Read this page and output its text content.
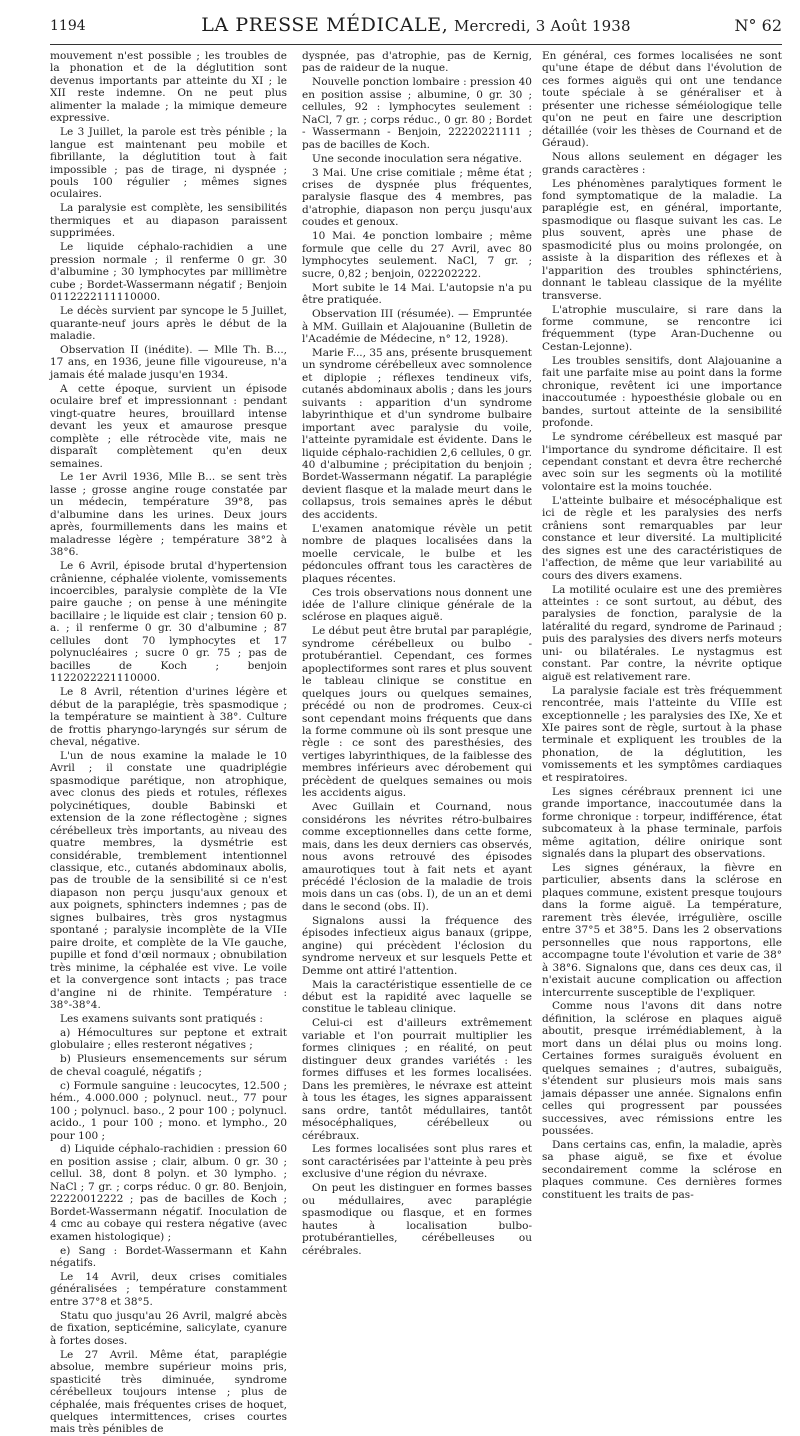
1194	LA PRESSE MÉDICALE, Mercredi, 3 Août 1938	N° 62

mouvement n'est possible ; les troubles de la phonation et de la déglutition sont devenus importants par atteinte du XI ; le XII reste indemne. On ne peut plus alimenter la malade ; la mimique demeure expressive.

Le 3 Juillet, la parole est très pénible ; la langue est maintenant peu mobile et fibrillante, la déglutition tout à fait impossible ; pas de tirage, ni dyspnée ; pouls 100 régulier ; mêmes signes oculaires.

La paralysie est complète, les sensibilités thermiques et au diapason paraissent supprimées.

Le liquide céphalo-rachidien a une pression normale ; il renferme 0 gr. 30 d'albumine ; 30 lymphocytes par millimètre cube ; Bordet-Wassermann négatif ; Benjoin 0112222111110000.

Le décès survient par syncope le 5 Juillet, quarante-neuf jours après le début de la maladie.

Observation II (inédite). — Mlle Th. B..., 17 ans, en 1936, jeune fille vigoureuse, n'a jamais été malade jusqu'en 1934.

A cette époque, survient un épisode oculaire bref et impressionnant : pendant vingt-quatre heures, brouillard intense devant les yeux et amaurose presque complète ; elle rétrocède vite, mais ne disparaît complètement qu'en deux semaines.

Le 1er Avril 1936, Mlle B... se sent très lasse ; grosse angine rouge constatée par un médecin, température 39°8, pas d'albumine dans les urines. Deux jours après, fourmillements dans les mains et maladresse légère ; température 38°2 à 38°6.

Le 6 Avril, épisode brutal d'hypertension crânienne, céphalée violente, vomissements incoercibles, paralysie complète de la VIe paire gauche ; on pense à une méningite bacillaire ; le liquide est clair ; tension 60 p. a. ; il renferme 0 gr. 30 d'albumine ; 87 cellules dont 70 lymphocytes et 17 polynucléaires ; sucre 0 gr. 75 ; pas de bacilles de Koch ; benjoin 1122022221110000.

Le 8 Avril, rétention d'urines légère et début de la paraplégie, très spasmodique ; la température se maintient à 38°. Culture de frottis pharyngo-laryngés sur sérum de cheval, négative.

L'un de nous examine la malade le 10 Avril ; il constate une quadriplégie spasmodique parétique, non atrophique, avec clonus des pieds et rotules, réflexes polycinétiques, double Babinski et extension de la zone réflectogène ; signes cérébelleux très importants, au niveau des quatre membres, la dysmétrie est considérable, tremblement intentionnel classique, etc., cutanés abdominaux abolis, pas de trouble de la sensibilité si ce n'est diapason non perçu jusqu'aux genoux et aux poignets, sphincters indemnes ; pas de signes bulbaires, très gros nystagmus spontané ; paralysie incomplète de la VIIe paire droite, et complète de la VIe gauche, pupille et fond d'œil normaux ; obnubilation très minime, la céphalée est vive. Le voile et la convergence sont intacts ; pas trace d'angine ni de rhinite. Température : 38°-38°4.

Les examens suivants sont pratiqués :

a) Hémocultures sur peptone et extrait globulaire ; elles resteront négatives ;

b) Plusieurs ensemencements sur sérum de cheval coagulé, négatifs ;

c) Formule sanguine : leucocytes, 12.500 ; hém., 4.000.000 ; polynucl. neut., 77 pour 100 ; polynucl. baso., 2 pour 100 ; polynucl. acido., 1 pour 100 ; mono. et lympho., 20 pour 100 ;

d) Liquide céphalo-rachidien : pression 60 en position assise ; clair, album. 0 gr. 30 ; cellul. 38, dont 8 polyn. et 30 lympho. ; NaCl ; 7 gr. ; corps réduc. 0 gr. 80. Benjoin, 22220012222 ; pas de bacilles de Koch ; Bordet-Wassermann négatif. Inoculation de 4 cmc au cobaye qui restera négative (avec examen histologique) ;

e) Sang : Bordet-Wassermann et Kahn négatifs.

Le 14 Avril, deux crises comitiales généralisées ; température constamment entre 37°8 et 38°5.

Statu quo jusqu'au 26 Avril, malgré abcès de fixation, septicémine, salicylate, cyanure à fortes doses.

Le 27 Avril. Même état, paraplégie absolue, membre supérieur moins pris, spasticité très diminuée, syndrome cérébelleux toujours intense ; plus de céphalée, mais fréquentes crises de hoquet, quelques intermittences, crises courtes mais très pénibles de

dyspnée, pas d'atrophie, pas de Kernig, pas de raideur de la nuque.

Nouvelle ponction lombaire : pression 40 en position assise ; albumine, 0 gr. 30 ; cellules, 92 : lymphocytes seulement : NaCl, 7 gr. ; corps réduc., 0 gr. 80 ; Bordet - Wassermann - Benjoin, 22220221111 ; pas de bacilles de Koch.

Une seconde inoculation sera négative.

3 Mai. Une crise comitiale ; même état ; crises de dyspnée plus fréquentes, paralysie flasque des 4 membres, pas d'atrophie, diapason non perçu jusqu'aux coudes et genoux.

10 Mai. 4e ponction lombaire ; même formule que celle du 27 Avril, avec 80 lymphocytes seulement. NaCl, 7 gr. ; sucre, 0,82 ; benjoin, 022202222.

Mort subite le 14 Mai. L'autopsie n'a pu être pratiquée.

Observation III (résumée). — Empruntée à MM. Guillain et Alajouanine (Bulletin de l'Académie de Médecine, n° 12, 1928).

Marie F..., 35 ans, présente brusquement un syndrome cérébelleux avec somnolence et diplopie ; réflexes tendineux vifs, cutanés abdominaux abolis ; dans les jours suivants : apparition d'un syndrome labyrinthique et d'un syndrome bulbaire important avec paralysie du voile, l'atteinte pyramidale est évidente. Dans le liquide céphalo-rachidien 2,6 cellules, 0 gr. 40 d'albumine ; précipitation du benjoin ; Bordet-Wassermann négatif. La paraplégie devient flasque et la malade meurt dans le collapsus, trois semaines après le début des accidents.

L'examen anatomique révèle un petit nombre de plaques localisées dans la moelle cervicale, le bulbe et les pédoncules offrant tous les caractères de plaques récentes.

Ces trois observations nous donnent une idée de l'allure clinique générale de la sclérose en plaques aiguë.

Le début peut être brutal par paraplégie, syndrome cérébelleux ou bulbo - protubérantiel. Cependant, ces formes apoplectiformes sont rares et plus souvent le tableau clinique se constitue en quelques jours ou quelques semaines, précédé ou non de prodromes. Ceux-ci sont cependant moins fréquents que dans la forme commune où ils sont presque une règle : ce sont des paresthésies, des vertiges labyrinthiques, de la faiblesse des membres inférieurs avec dérobement qui précèdent de quelques semaines ou mois les accidents aigus.

Avec Guillain et Cournand, nous considérons les névrites rétro-bulbaires comme exceptionnelles dans cette forme, mais, dans les deux derniers cas observés, nous avons retrouvé des épisodes amaurotiques tout à fait nets et ayant précédé l'éclosion de la maladie de trois mois dans un cas (obs. I), de un an et demi dans le second (obs. II).

Signalons aussi la fréquence des épisodes infectieux aigus banaux (grippe, angine) qui précèdent l'éclosion du syndrome nerveux et sur lesquels Pette et Demme ont attiré l'attention.

Mais la caractéristique essentielle de ce début est la rapidité avec laquelle se constitue le tableau clinique.

Celui-ci est d'ailleurs extrêmement variable et l'on pourrait multiplier les formes cliniques ; en réalité, on peut distinguer deux grandes variétés : les formes diffuses et les formes localisées. Dans les premières, le névraxe est atteint à tous les étages, les signes apparaissent sans ordre, tantôt médullaires, tantôt mésocéphaliques, cérébelleux ou cérébraux.

Les formes localisées sont plus rares et sont caractérisées par l'atteinte à peu près exclusive d'une région du névraxe.

On peut les distinguer en formes basses ou médullaires, avec paraplégie spasmodique ou flasque, et en formes hautes à localisation bulbo-protubérantielles, cérébelleuses ou cérébrales.

En général, ces formes localisées ne sont qu'une étape de début dans l'évolution de ces formes aiguës qui ont une tendance toute spéciale à se généraliser et à présenter une richesse séméiologique telle qu'on ne peut en faire une description détaillée (voir les thèses de Cournand et de Géraud).

Nous allons seulement en dégager les grands caractères :

Les phénomènes paralytiques forment le fond symptomatique de la maladie. La paraplégie est, en général, importante, spasmodique ou flasque suivant les cas. Le plus souvent, après une phase de spasmodicité plus ou moins prolongée, on assiste à la disparition des réflexes et à l'apparition des troubles sphinctériens, donnant le tableau classique de la myélite transverse.

L'atrophie musculaire, si rare dans la forme commune, se rencontre ici fréquemment (type Aran-Duchenne ou Cestan-Lejonne).

Les troubles sensitifs, dont Alajouanine a fait une parfaite mise au point dans la forme chronique, revêtent ici une importance inaccoutumée : hypoesthésie globale ou en bandes, surtout atteinte de la sensibilité profonde.

Le syndrome cérébelleux est masqué par l'importance du syndrome déficitaire. Il est cependant constant et devra être recherché avec soin sur les segments où la motilité volontaire est la moins touchée.

L'atteinte bulbaire et mésocéphalique est ici de règle et les paralysies des nerfs crâniens sont remarquables par leur constance et leur diversité. La multiplicité des signes est une des caractéristiques de l'affection, de même que leur variabilité au cours des divers examens.

La motilité oculaire est une des premières atteintes : ce sont surtout, au début, des paralysies de fonction, paralysie de la latéralité du regard, syndrome de Parinaud ; puis des paralysies des divers nerfs moteurs uni- ou bilatérales. Le nystagmus est constant. Par contre, la névrite optique aiguë est relativement rare.

La paralysie faciale est très fréquemment rencontrée, mais l'atteinte du VIIIe est exceptionnelle ; les paralysies des IXe, Xe et XIe paires sont de règle, surtout à la phase terminale et expliquent les troubles de la phonation, de la déglutition, les vomissements et les symptômes cardiaques et respiratoires.

Les signes cérébraux prennent ici une grande importance, inaccoutumée dans la forme chronique : torpeur, indifférence, état subcomateux à la phase terminale, parfois même agitation, délire onirique sont signalés dans la plupart des observations.

Les signes généraux, la fièvre en particulier, absents dans la sclérose en plaques commune, existent presque toujours dans la forme aiguë. La température, rarement très élevée, irrégulière, oscille entre 37°5 et 38°5. Dans les 2 observations personnelles que nous rapportons, elle accompagne toute l'évolution et varie de 38° à 38°6. Signalons que, dans ces deux cas, il n'existait aucune complication ou affection intercurrente susceptible de l'expliquer.

Comme nous l'avons dit dans notre définition, la sclérose en plaques aiguë aboutit, presque irrémédiablement, à la mort dans un délai plus ou moins long. Certaines formes suraiguës évoluent en quelques semaines ; d'autres, subaiguës, s'étendent sur plusieurs mois mais sans jamais dépasser une année. Signalons enfin celles qui progressent par poussées successives, avec rémissions entre les poussées.

Dans certains cas, enfin, la maladie, après sa phase aiguë, se fixe et évolue secondairement comme la sclérose en plaques commune. Ces dernières formes constituent les traits de pas-
